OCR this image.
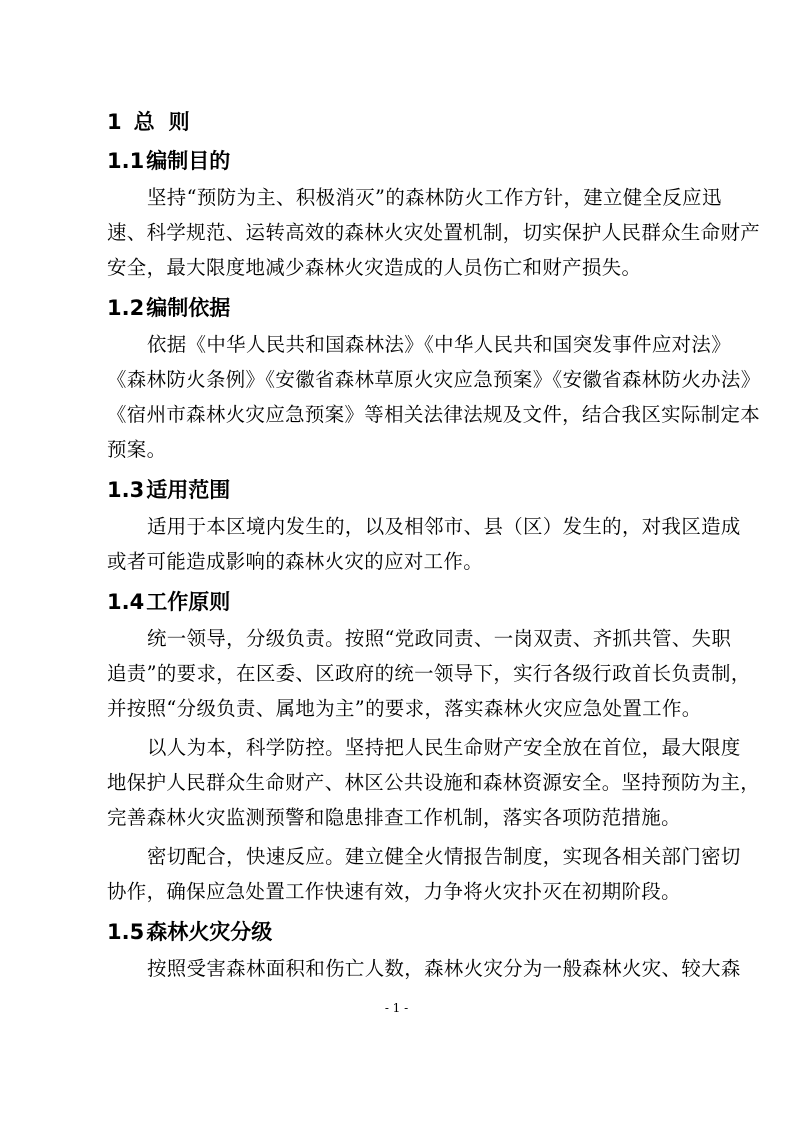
1 总 则
1.1编制目的

坚持“预防为主、积极消灭”的森林防火工作方针，建立健全反应迅
速、科学规范、运转高效的森林火灾处置机制，切实保护人民群众生命财产
安全，最大限度地减少森林火灾造成的人员伤亡和财产损失。

1.2编制依据

依据《中华人民共和国森林法》《中华人民共和国突发事件应对法》
《森林防火条例》《安徽省森林草原火灾应急预案》《安徽省森林防火办法》
《宿州市森林火灾应急预案》等相关法律法规及文件，结合我区实际制定本
预案。

1.3适用范围

适用于本区境内发生的，以及相邻市、县（区）发生的，对我区造成
或者可能造成影响的森林火灾的应对工作。

1.4工作原则

统一领导，分级负责。按照“党政同责、一岗双责、齐抓共管、失职
追责”的要求，在区委、区政府的统一领导下，实行各级行政首长负责制，
并按照“分级负责、属地为主”的要求，落实森林火灾应急处置工作。

以人为本，科学防控。坚持把人民生命财产安全放在首位，最大限度
地保护人民群众生命财产、林区公共设施和森林资源安全。坚持预防为主，
完善森林火灾监测预警和隐患排查工作机制，落实各项防范措施。

密切配合，快速反应。建立健全火情报告制度，实现各相关部门密切
协作，确保应急处置工作快速有效，力争将火灾扑灭在初期阶段。

1.5森林火灾分级

按照受害森林面积和伤亡人数，森林火灾分为一般森林火灾、较大森

- 1 -
